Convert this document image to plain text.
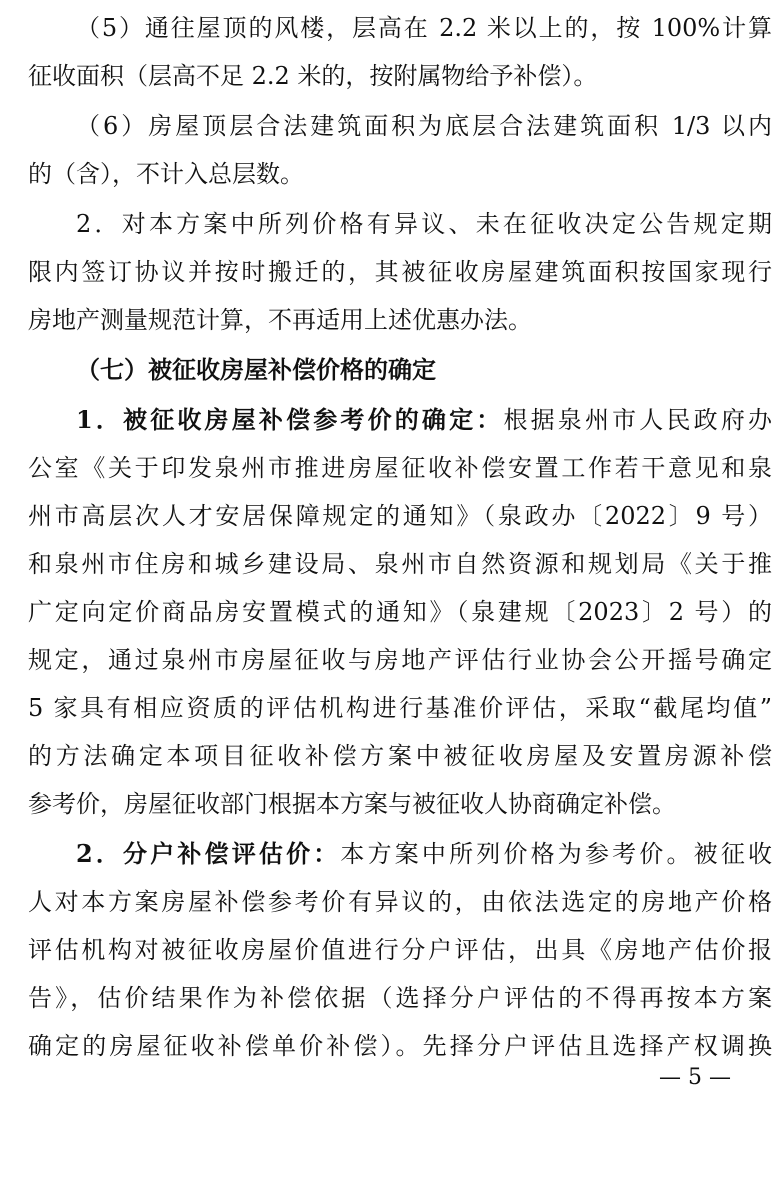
（5）通往屋顶的风楼，层高在 2.2 米以上的，按 100%计算
征收面积（层高不足 2.2 米的，按附属物给予补偿）。
（6）房屋顶层合法建筑面积为底层合法建筑面积 1/3 以内
的（含），不计入总层数。
2．对本方案中所列价格有异议、未在征收决定公告规定期
限内签订协议并按时搬迁的，其被征收房屋建筑面积按国家现行
房地产测量规范计算，不再适用上述优惠办法。
（七）被征收房屋补偿价格的确定
1．被征收房屋补偿参考价的确定：根据泉州市人民政府办
公室《关于印发泉州市推进房屋征收补偿安置工作若干意见和泉
州市高层次人才安居保障规定的通知》（泉政办〔2022〕9 号）
和泉州市住房和城乡建设局、泉州市自然资源和规划局《关于推
广定向定价商品房安置模式的通知》（泉建规〔2023〕2 号）的
规定，通过泉州市房屋征收与房地产评估行业协会公开摇号确定
5 家具有相应资质的评估机构进行基准价评估，采取“截尾均值”
的方法确定本项目征收补偿方案中被征收房屋及安置房源补偿
参考价，房屋征收部门根据本方案与被征收人协商确定补偿。
2．分户补偿评估价：本方案中所列价格为参考价。被征收
人对本方案房屋补偿参考价有异议的，由依法选定的房地产价格
评估机构对被征收房屋价值进行分户评估，出具《房地产估价报
告》，估价结果作为补偿依据（选择分户评估的不得再按本方案
确定的房屋征收补偿单价补偿）。先择分户评估且选择产权调换
— 5 —
